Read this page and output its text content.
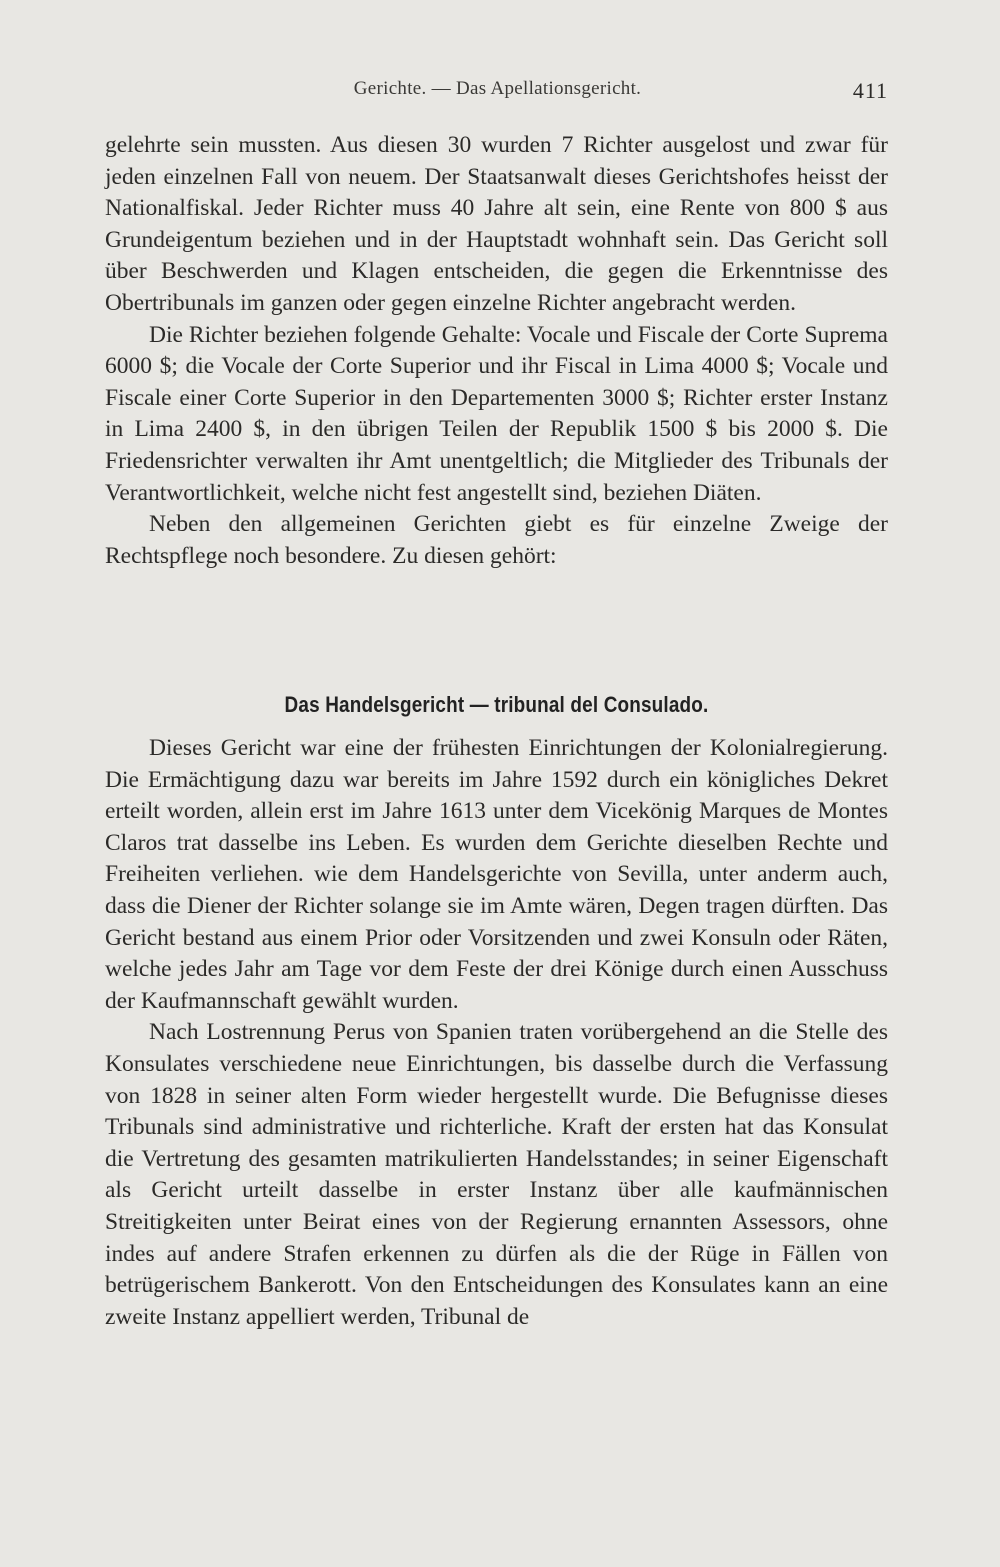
Gerichte. — Das Apellationsgericht.	411

gelehrte sein mussten. Aus diesen 30 wurden 7 Richter ausgelost und zwar für jeden einzelnen Fall von neuem. Der Staatsanwalt dieses Gerichtshofes heisst der Nationalfiskal. Jeder Richter muss 40 Jahre alt sein, eine Rente von 800 $ aus Grundeigentum beziehen und in der Hauptstadt wohnhaft sein. Das Gericht soll über Beschwerden und Klagen entscheiden, die gegen die Erkenntnisse des Obertribunals im ganzen oder gegen einzelne Richter angebracht werden.

Die Richter beziehen folgende Gehalte: Vocale und Fiscale der Corte Suprema 6000 $; die Vocale der Corte Superior und ihr Fiscal in Lima 4000 $; Vocale und Fiscale einer Corte Superior in den Departementen 3000 $; Richter erster Instanz in Lima 2400 $, in den übrigen Teilen der Republik 1500 $ bis 2000 $. Die Friedensrichter verwalten ihr Amt unentgeltlich; die Mitglieder des Tribunals der Verantwortlichkeit, welche nicht fest angestellt sind, beziehen Diäten.

Neben den allgemeinen Gerichten giebt es für einzelne Zweige der Rechtspflege noch besondere. Zu diesen gehört:

Das Handelsgericht — tribunal del Consulado.

Dieses Gericht war eine der frühesten Einrichtungen der Kolonialregierung. Die Ermächtigung dazu war bereits im Jahre 1592 durch ein königliches Dekret erteilt worden, allein erst im Jahre 1613 unter dem Vicekönig Marques de Montes Claros trat dasselbe ins Leben. Es wurden dem Gerichte dieselben Rechte und Freiheiten verliehen. wie dem Handelsgerichte von Sevilla, unter anderm auch, dass die Diener der Richter solange sie im Amte wären, Degen tragen dürften. Das Gericht bestand aus einem Prior oder Vorsitzenden und zwei Konsuln oder Räten, welche jedes Jahr am Tage vor dem Feste der drei Könige durch einen Ausschuss der Kaufmannschaft gewählt wurden.

Nach Lostrennung Perus von Spanien traten vorübergehend an die Stelle des Konsulates verschiedene neue Einrichtungen, bis dasselbe durch die Verfassung von 1828 in seiner alten Form wieder hergestellt wurde. Die Befugnisse dieses Tribunals sind administrative und richterliche. Kraft der ersten hat das Konsulat die Vertretung des gesamten matrikulierten Handelsstandes; in seiner Eigenschaft als Gericht urteilt dasselbe in erster Instanz über alle kaufmännischen Streitigkeiten unter Beirat eines von der Regierung ernannten Assessors, ohne indes auf andere Strafen erkennen zu dürfen als die der Rüge in Fällen von betrügerischem Bankerott. Von den Entscheidungen des Konsulates kann an eine zweite Instanz appelliert werden, Tribunal de
